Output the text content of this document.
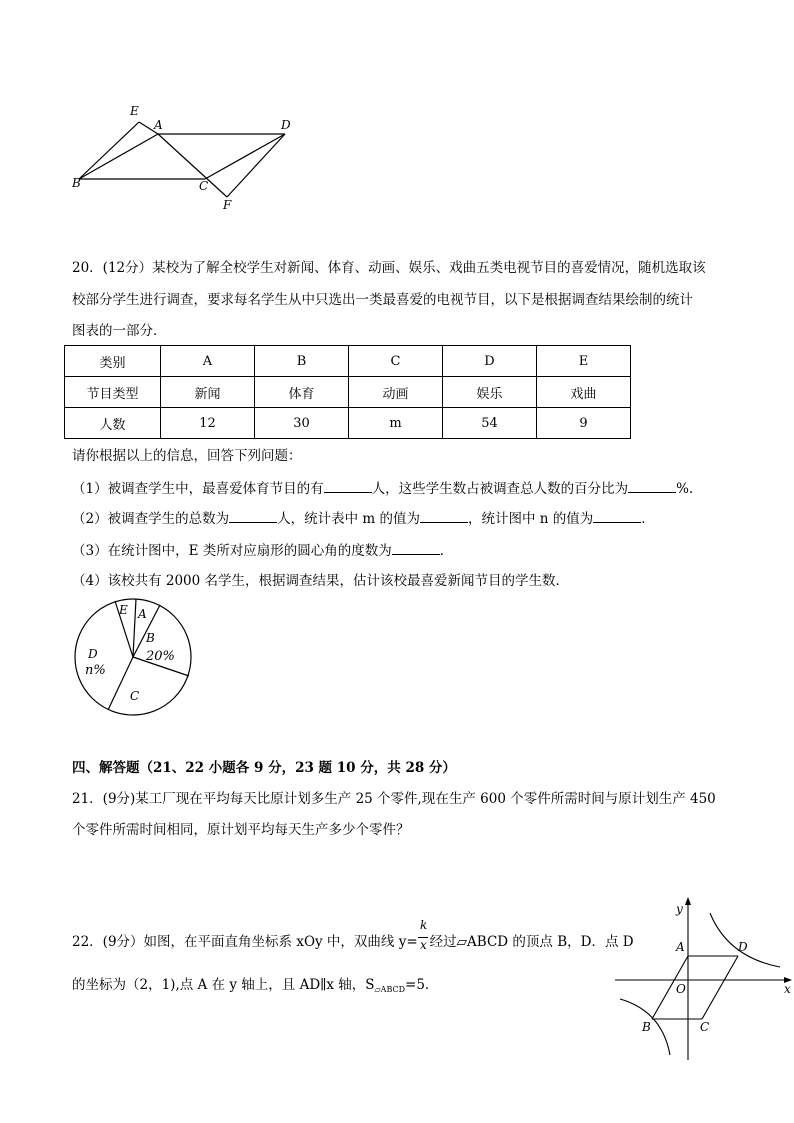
E
A	D
B	C
F
20．(12分）某校为了解全校学生对新闻、体育、动画、娱乐、戏曲五类电视节目的喜爱情况，随机选取该
校部分学生进行调查，要求每名学生从中只选出一类最喜爱的电视节目，以下是根据调查结果绘制的统计
图表的一部分．
类别	A	B	C	D	E
节目类型	新闻	体育	动画	娱乐	戏曲
人数	12	30	m	54	9
请你根据以上的信息，回答下列问题：
（1）被调查学生中，最喜爱体育节目的有	人，这些学生数占被调查总人数的百分比为	%.
（2）被调查学生的总数为	人，统计表中 m 的值为	，统计图中 n 的值为	．
（3）在统计图中，E 类所对应扇形的圆心角的度数为	．
（4）该校共有 2000 名学生，根据调查结果，估计该校最喜爱新闻节目的学生数．
E A
B
20%
D
n%
C
四、解答题（21、22 小题各 9 分，23 题 10 分，共 28 分）
21．(9分)某工厂现在平均每天比原计划多生产 25 个零件,现在生产 600 个零件所需时间与原计划生产 450
个零件所需时间相同，原计划平均每天生产多少个零件？
22．(9分）如图，在平面直角坐标系 xOy 中，双曲线 y= 经过▱ABCD 的顶点 B，D．点 D
k
x
的坐标为（2，1),点 A 在 y 轴上，且 AD∥x 轴，$S_{▱ABCD}=5$．
y
x
A	D
O
B	C
